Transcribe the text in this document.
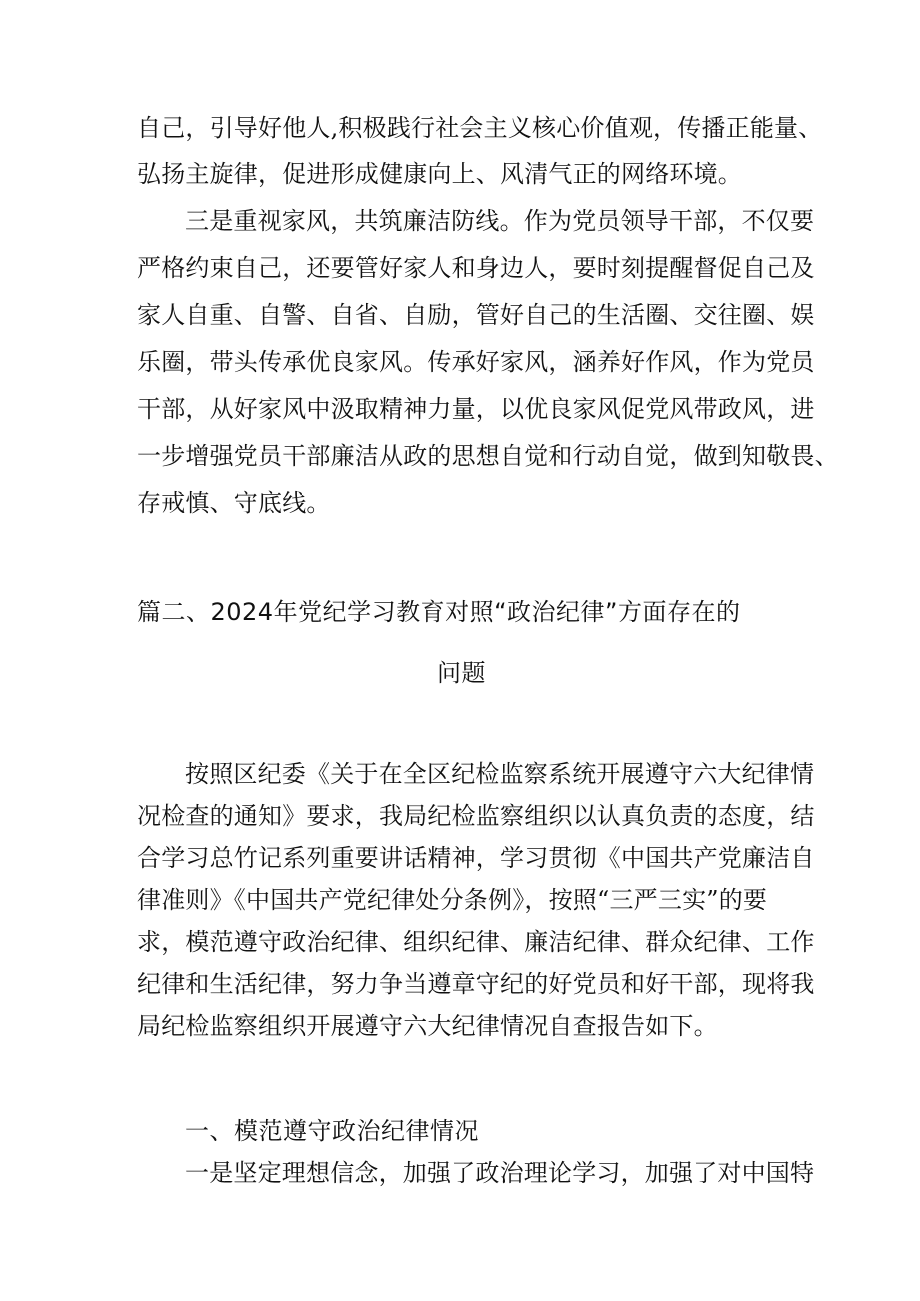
自己，引导好他人,积极践行社会主义核心价值观，传播正能量、
弘扬主旋律，促进形成健康向上、风清气正的网络环境。
三是重视家风，共筑廉洁防线。作为党员领导干部，不仅要
严格约束自己，还要管好家人和身边人，要时刻提醒督促自己及
家人自重、自警、自省、自励，管好自己的生活圈、交往圈、娱
乐圈，带头传承优良家风。传承好家风，涵养好作风，作为党员
干部，从好家风中汲取精神力量，以优良家风促党风带政风，进
一步增强党员干部廉洁从政的思想自觉和行动自觉，做到知敬畏、
存戒慎、守底线。
篇二、2024年党纪学习教育对照“政治纪律”方面存在的
问题
按照区纪委《关于在全区纪检监察系统开展遵守六大纪律情
况检查的通知》要求，我局纪检监察组织以认真负责的态度，结
合学习总竹记系列重要讲话精神，学习贯彻《中国共产党廉洁自
律准则》《中国共产党纪律处分条例》，按照“三严三实”的要
求，模范遵守政治纪律、组织纪律、廉洁纪律、群众纪律、工作
纪律和生活纪律，努力争当遵章守纪的好党员和好干部，现将我
局纪检监察组织开展遵守六大纪律情况自查报告如下。
一、模范遵守政治纪律情况
一是坚定理想信念，加强了政治理论学习，加强了对中国特
